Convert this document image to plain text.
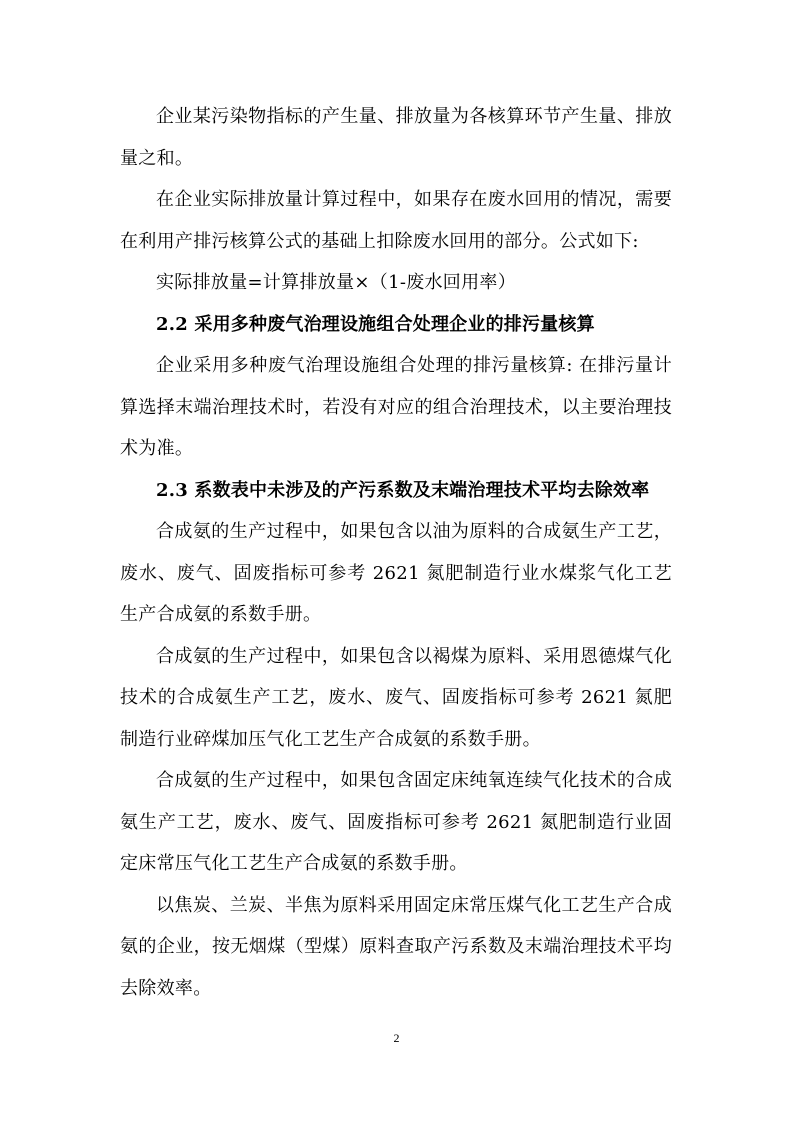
企业某污染物指标的产生量、排放量为各核算环节产生量、排放量之和。

在企业实际排放量计算过程中，如果存在废水回用的情况，需要在利用产排污核算公式的基础上扣除废水回用的部分。公式如下:

实际排放量=计算排放量×（1-废水回用率）

2.2 采用多种废气治理设施组合处理企业的排污量核算

企业采用多种废气治理设施组合处理的排污量核算: 在排污量计算选择末端治理技术时，若没有对应的组合治理技术，以主要治理技术为准。

2.3 系数表中未涉及的产污系数及末端治理技术平均去除效率

合成氨的生产过程中，如果包含以油为原料的合成氨生产工艺，废水、废气、固废指标可参考 2621 氮肥制造行业水煤浆气化工艺生产合成氨的系数手册。

合成氨的生产过程中，如果包含以褐煤为原料、采用恩德煤气化技术的合成氨生产工艺，废水、废气、固废指标可参考 2621 氮肥制造行业碎煤加压气化工艺生产合成氨的系数手册。

合成氨的生产过程中，如果包含固定床纯氧连续气化技术的合成氨生产工艺，废水、废气、固废指标可参考 2621 氮肥制造行业固定床常压气化工艺生产合成氨的系数手册。

以焦炭、兰炭、半焦为原料采用固定床常压煤气化工艺生产合成氨的企业，按无烟煤（型煤）原料查取产污系数及末端治理技术平均去除效率。

2
